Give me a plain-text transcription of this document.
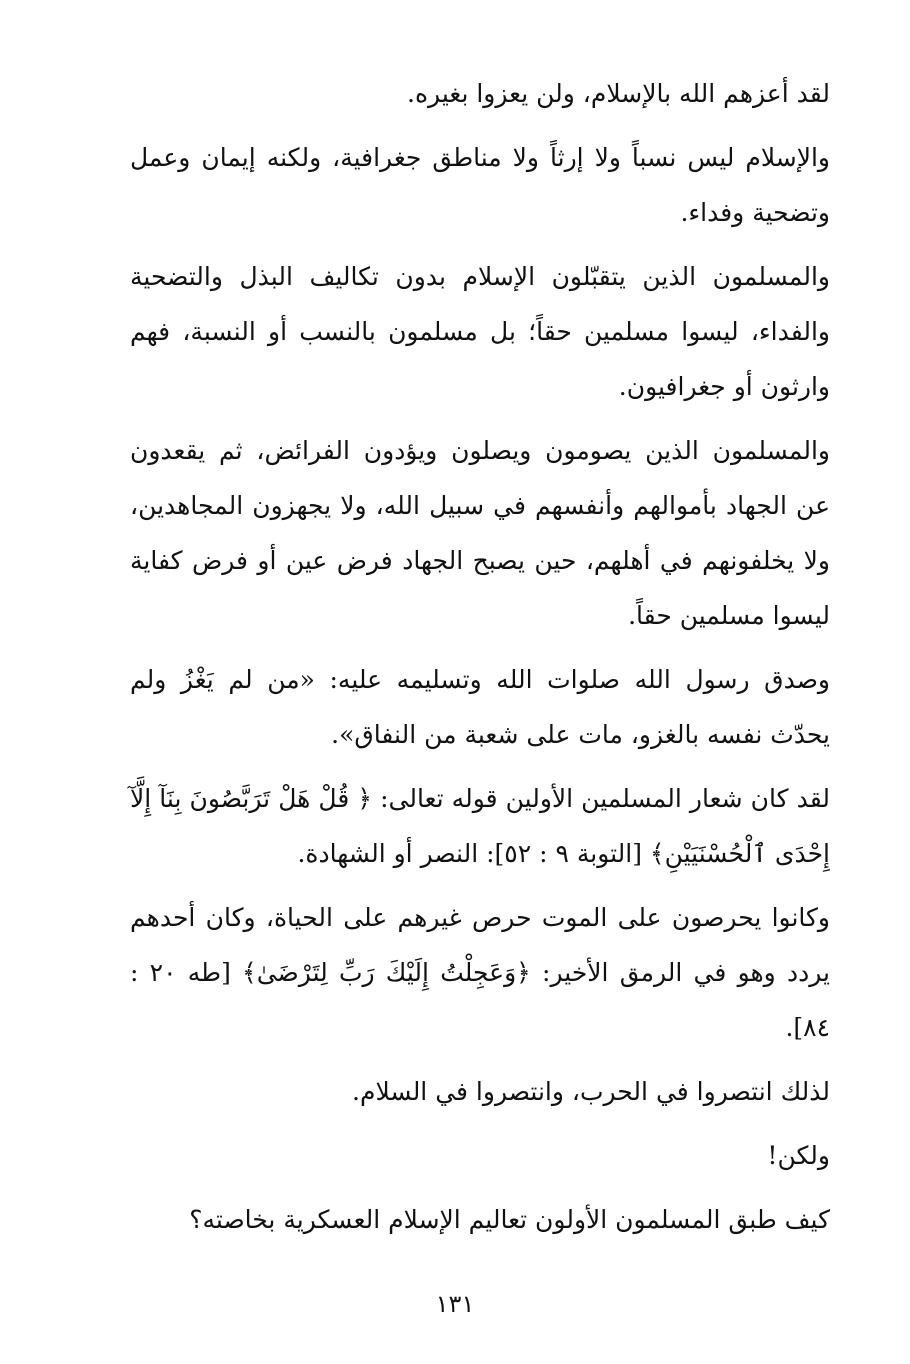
لقد أعزهم الله بالإسلام، ولن يعزوا بغيره.

والإسلام ليس نسباً ولا إرثاً ولا مناطق جغرافية، ولكنه إيمان وعمل وتضحية وفداء.

والمسلمون الذين يتقبّلون الإسلام بدون تكاليف البذل والتضحية والفداء، ليسوا مسلمين حقاً؛ بل مسلمون بالنسب أو النسبة، فهم وارثون أو جغرافيون.

والمسلمون الذين يصومون ويصلون ويؤدون الفرائض، ثم يقعدون عن الجهاد بأموالهم وأنفسهم في سبيل الله، ولا يجهزون المجاهدين، ولا يخلفونهم في أهلهم، حين يصبح الجهاد فرض عين أو فرض كفاية ليسوا مسلمين حقاً.

وصدق رسول الله صلوات الله وتسليمه عليه: «من لم يَغْزُ ولم يحدّث نفسه بالغزو، مات على شعبة من النفاق».

لقد كان شعار المسلمين الأولين قوله تعالى: ﴿ قُلْ هَلْ تَرَبَّصُونَ بِنَآ إِلَّآ إِحْدَى ٱلْحُسْنَيَيْنِ﴾ [التوبة ٩ : ٥٢]: النصر أو الشهادة.

وكانوا يحرصون على الموت حرص غيرهم على الحياة، وكان أحدهم يردد وهو في الرمق الأخير: ﴿وَعَجِلْتُ إِلَيْكَ رَبِّ لِتَرْضَىٰ﴾ [طه ٢٠ : ٨٤].

لذلك انتصروا في الحرب، وانتصروا في السلام.

ولكن!

كيف طبق المسلمون الأولون تعاليم الإسلام العسكرية بخاصته؟

١٣١
